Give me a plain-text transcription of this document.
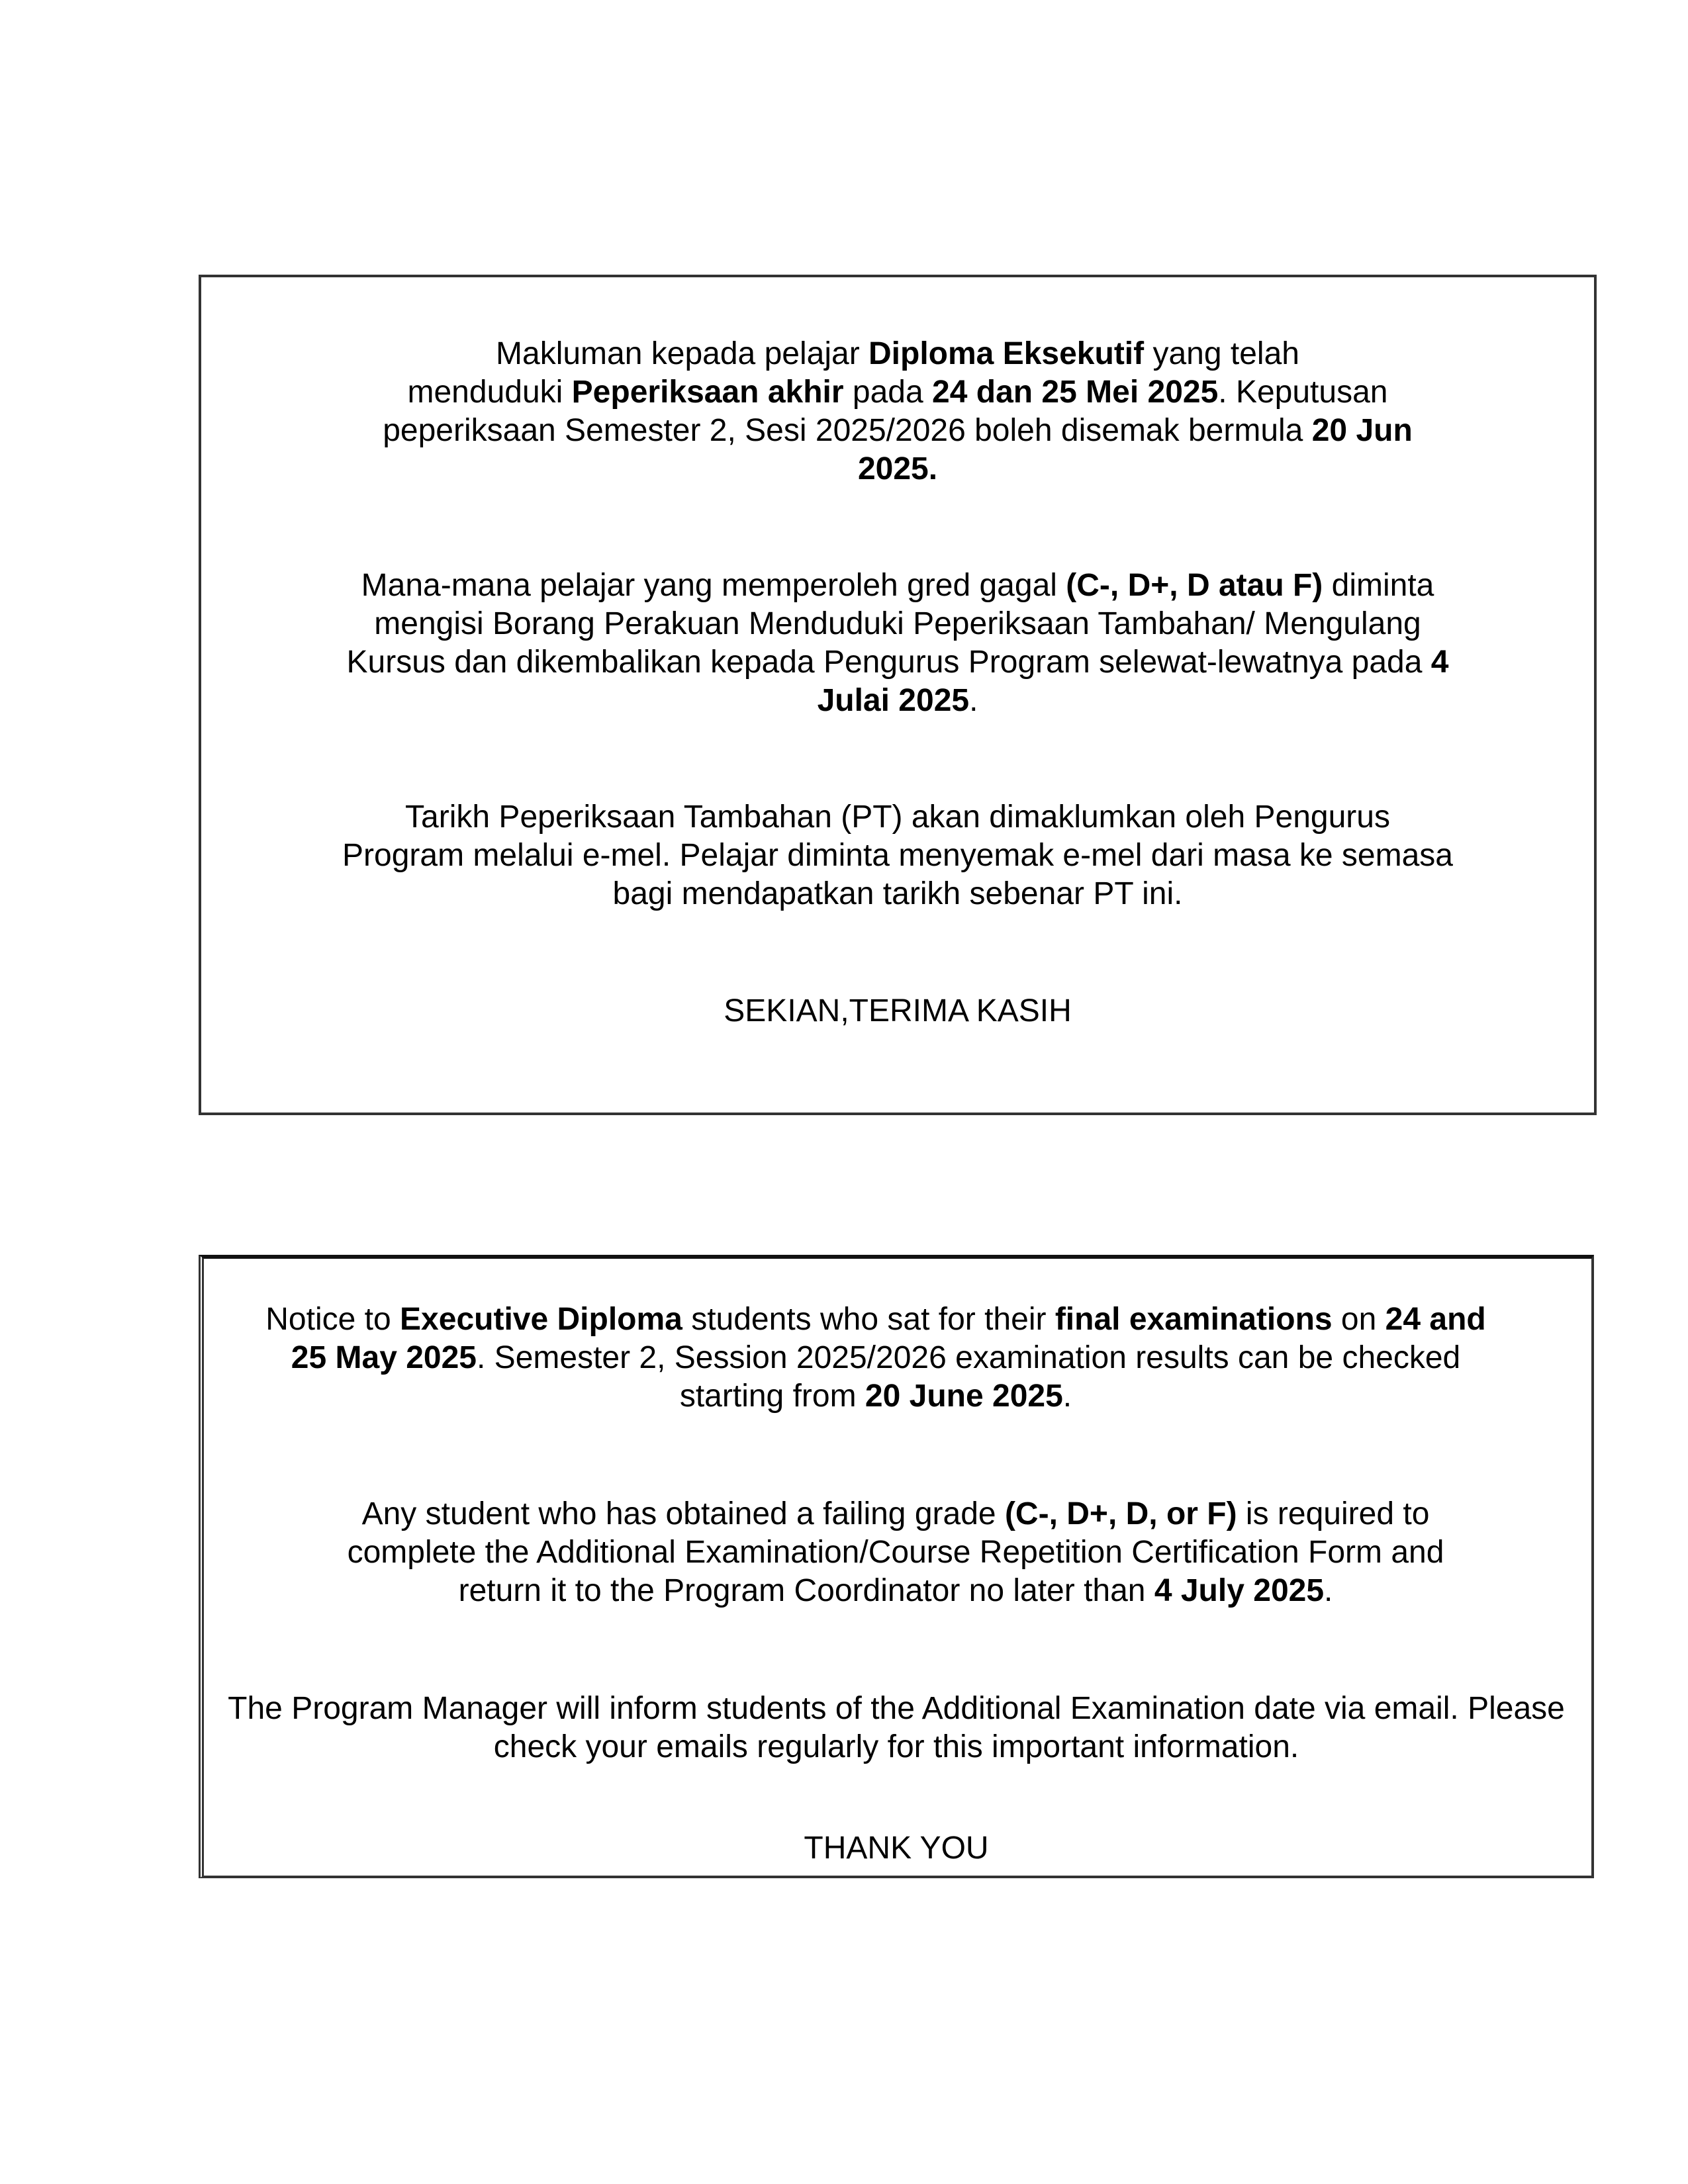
Makluman kepada pelajar Diploma Eksekutif yang telah
menduduki Peperiksaan akhir pada 24 dan 25 Mei 2025. Keputusan
peperiksaan Semester 2, Sesi 2025/2026 boleh disemak bermula 20 Jun
2025.

Mana-mana pelajar yang memperoleh gred gagal (C-, D+, D atau F) diminta
mengisi Borang Perakuan Menduduki Peperiksaan Tambahan/ Mengulang
Kursus dan dikembalikan kepada Pengurus Program selewat-lewatnya pada 4
Julai 2025.

Tarikh Peperiksaan Tambahan (PT) akan dimaklumkan oleh Pengurus
Program melalui e-mel. Pelajar diminta menyemak e-mel dari masa ke semasa
bagi mendapatkan tarikh sebenar PT ini.

SEKIAN,TERIMA KASIH

Notice to Executive Diploma students who sat for their final examinations on 24 and
25 May 2025. Semester 2, Session 2025/2026 examination results can be checked
starting from 20 June 2025.

Any student who has obtained a failing grade (C-, D+, D, or F) is required to
complete the Additional Examination/Course Repetition Certification Form and
return it to the Program Coordinator no later than 4 July 2025.

The Program Manager will inform students of the Additional Examination date via email. Please
check your emails regularly for this important information.

THANK YOU
